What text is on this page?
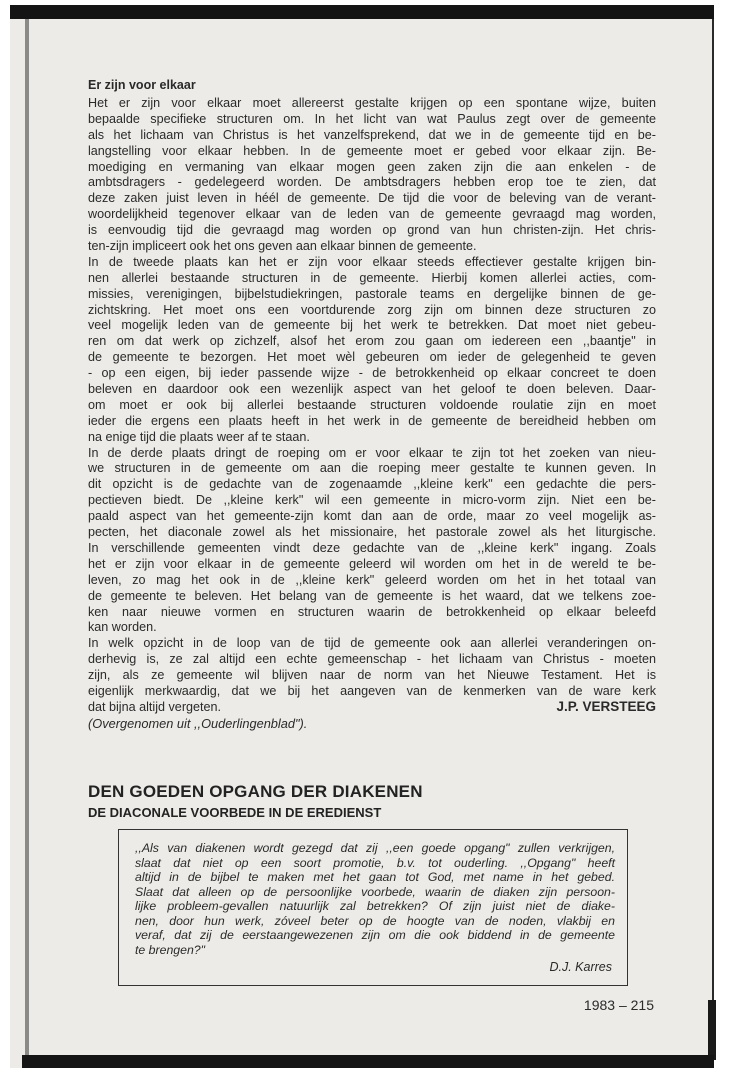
Er zijn voor elkaar
Het er zijn voor elkaar moet allereerst gestalte krijgen op een spontane wijze, buiten
bepaalde specifieke structuren om. In het licht van wat Paulus zegt over de gemeente
als het lichaam van Christus is het vanzelfsprekend, dat we in de gemeente tijd en be-
langstelling voor elkaar hebben. In de gemeente moet er gebed voor elkaar zijn. Be-
moediging en vermaning van elkaar mogen geen zaken zijn die aan enkelen - de
ambtsdragers - gedelegeerd worden. De ambtsdragers hebben erop toe te zien, dat
deze zaken juist leven in héél de gemeente. De tijd die voor de beleving van de verant-
woordelijkheid tegenover elkaar van de leden van de gemeente gevraagd mag worden,
is eenvoudig tijd die gevraagd mag worden op grond van hun christen-zijn. Het chris-
ten-zijn impliceert ook het ons geven aan elkaar binnen de gemeente.
In de tweede plaats kan het er zijn voor elkaar steeds effectiever gestalte krijgen bin-
nen allerlei bestaande structuren in de gemeente. Hierbij komen allerlei acties, com-
missies, verenigingen, bijbelstudiekringen, pastorale teams en dergelijke binnen de ge-
zichtskring. Het moet ons een voortdurende zorg zijn om binnen deze structuren zo
veel mogelijk leden van de gemeente bij het werk te betrekken. Dat moet niet gebeu-
ren om dat werk op zichzelf, alsof het erom zou gaan om iedereen een ,,baantje" in
de gemeente te bezorgen. Het moet wèl gebeuren om ieder de gelegenheid te geven
- op een eigen, bij ieder passende wijze - de betrokkenheid op elkaar concreet te doen
beleven en daardoor ook een wezenlijk aspect van het geloof te doen beleven. Daar-
om moet er ook bij allerlei bestaande structuren voldoende roulatie zijn en moet
ieder die ergens een plaats heeft in het werk in de gemeente de bereidheid hebben om
na enige tijd die plaats weer af te staan.
In de derde plaats dringt de roeping om er voor elkaar te zijn tot het zoeken van nieu-
we structuren in de gemeente om aan die roeping meer gestalte te kunnen geven. In
dit opzicht is de gedachte van de zogenaamde ,,kleine kerk" een gedachte die pers-
pectieven biedt. De ,,kleine kerk" wil een gemeente in micro-vorm zijn. Niet een be-
paald aspect van het gemeente-zijn komt dan aan de orde, maar zo veel mogelijk as-
pecten, het diaconale zowel als het missionaire, het pastorale zowel als het liturgische.
In verschillende gemeenten vindt deze gedachte van de ,,kleine kerk" ingang. Zoals
het er zijn voor elkaar in de gemeente geleerd wil worden om het in de wereld te be-
leven, zo mag het ook in de ,,kleine kerk" geleerd worden om het in het totaal van
de gemeente te beleven. Het belang van de gemeente is het waard, dat we telkens zoe-
ken naar nieuwe vormen en structuren waarin de betrokkenheid op elkaar beleefd
kan worden.
In welk opzicht in de loop van de tijd de gemeente ook aan allerlei veranderingen on-
derhevig is, ze zal altijd een echte gemeenschap - het lichaam van Christus - moeten
zijn, als ze gemeente wil blijven naar de norm van het Nieuwe Testament. Het is
eigenlijk merkwaardig, dat we bij het aangeven van de kenmerken van de ware kerk
dat bijna altijd vergeten.	J.P. VERSTEEG
(Overgenomen uit ,,Ouderlingenblad").
DEN GOEDEN OPGANG DER DIAKENEN
DE DIACONALE VOORBEDE IN DE EREDIENST
,,Als van diakenen wordt gezegd dat zij ,,een goede opgang" zullen verkrijgen,
slaat dat niet op een soort promotie, b.v. tot ouderling. ,,Opgang" heeft
altijd in de bijbel te maken met het gaan tot God, met name in het gebed.
Slaat dat alleen op de persoonlijke voorbede, waarin de diaken zijn persoon-
lijke probleem-gevallen natuurlijk zal betrekken? Of zijn juist niet de diake-
nen, door hun werk, zóveel beter op de hoogte van de noden, vlakbij en
veraf, dat zij de eerstaangewezenen zijn om die ook biddend in de gemeente
te brengen?"
D.J. Karres
1983 – 215
